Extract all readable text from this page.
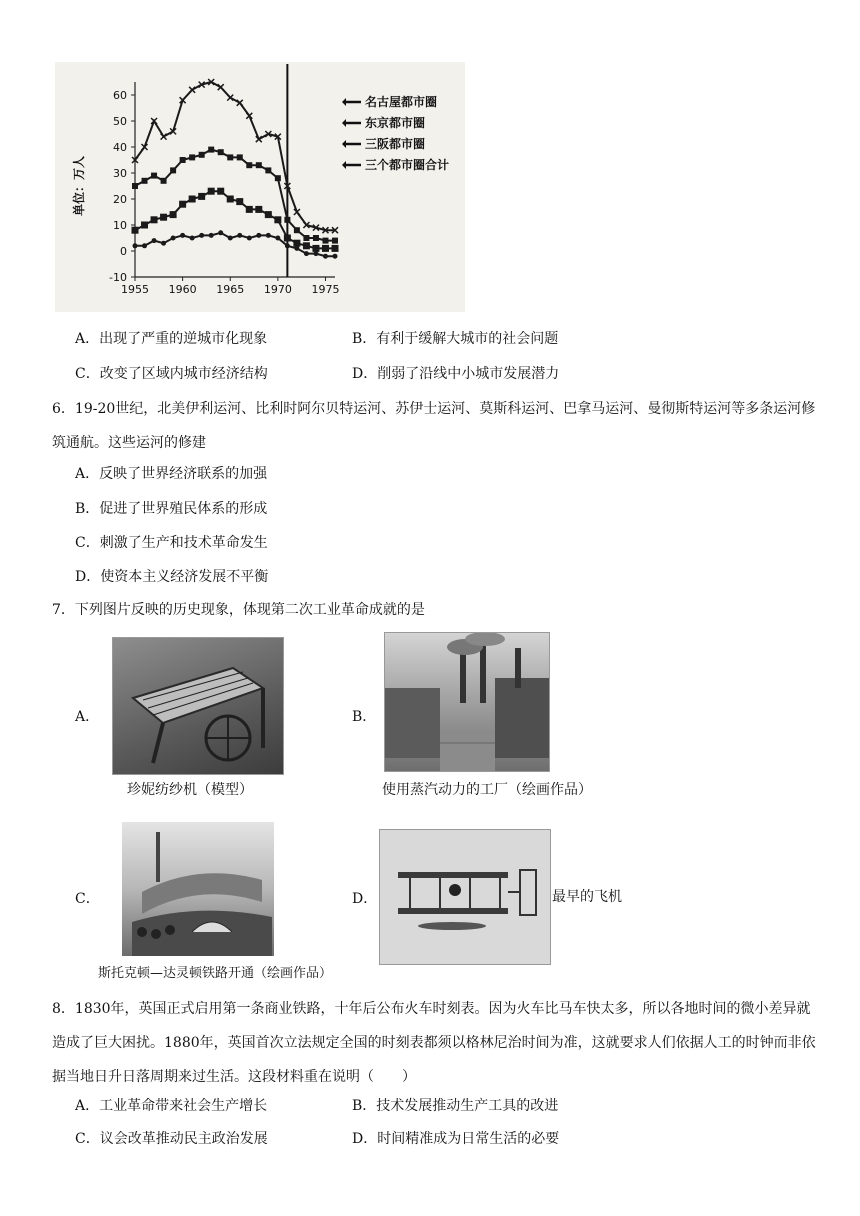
-10
0
10
20
30
40
50
60
1955 1960 1965 1970 1975
单位：万人
名古屋都市圈
东京都市圈
三阪都市圈
三个都市圈合计
A．出现了严重的逆城市化现象	B．有利于缓解大城市的社会问题
C．改变了区域内城市经济结构	D．削弱了沿线中小城市发展潜力
6．19-20世纪，北美伊利运河、比利时阿尔贝特运河、苏伊士运河、莫斯科运河、巴拿马运河、曼彻斯特运河等多条运河修筑通航。这些运河的修建
A．反映了世界经济联系的加强
B．促进了世界殖民体系的形成
C．刺激了生产和技术革命发生
D．使资本主义经济发展不平衡
7．下列图片反映的历史现象，体现第二次工业革命成就的是
A．
珍妮纺纱机（模型）
B．
使用蒸汽动力的工厂（绘画作品）
C．
斯托克顿—达灵顿铁路开通（绘画作品）
D．	最早的飞机
8．1830年，英国正式启用第一条商业铁路，十年后公布火车时刻表。因为火车比马车快太多，所以各地时间的微小差异就造成了巨大困扰。1880年，英国首次立法规定全国的时刻表都须以格林尼治时间为准，这就要求人们依据人工的时钟而非依据当地日升日落周期来过生活。这段材料重在说明（　　）
A．工业革命带来社会生产增长	B．技术发展推动生产工具的改进
C．议会改革推动民主政治发展	D．时间精准成为日常生活的必要
